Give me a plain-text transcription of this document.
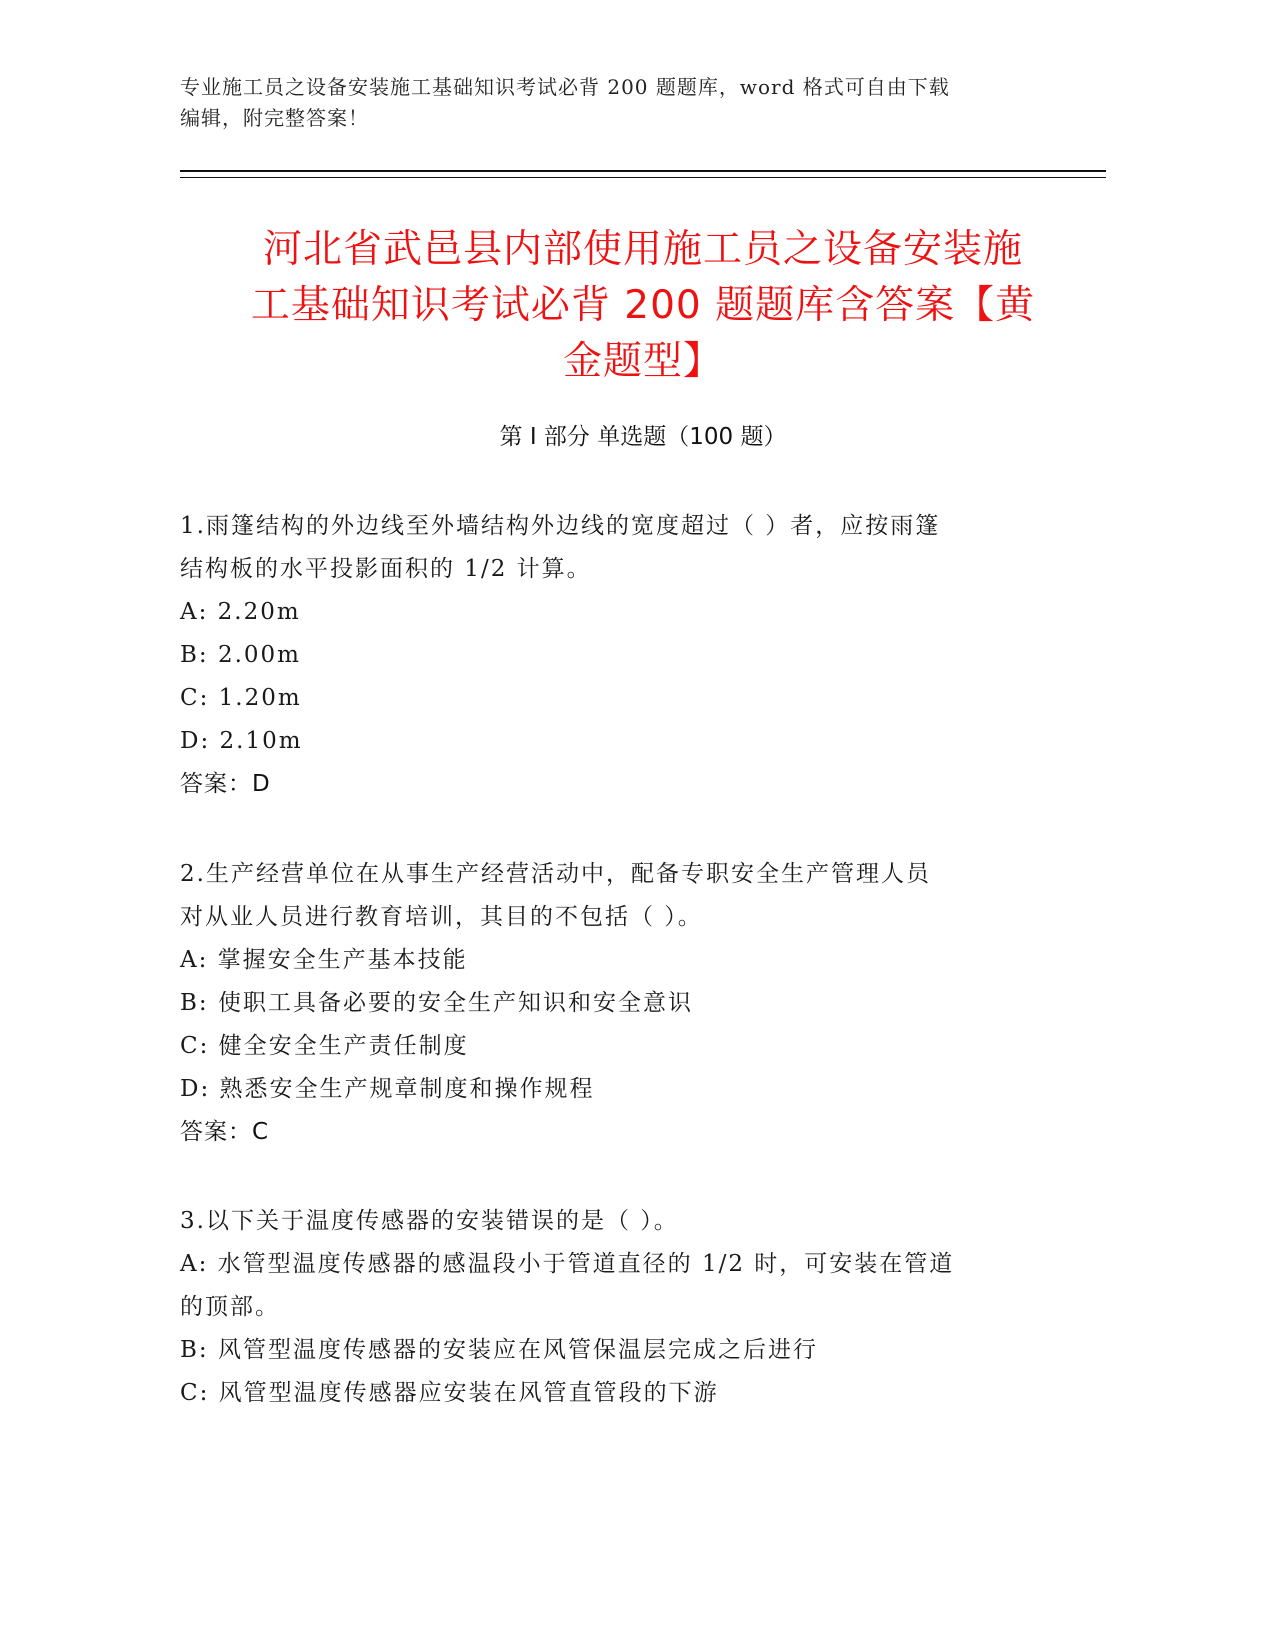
专业施工员之设备安装施工基础知识考试必背 200 题题库，word 格式可自由下载
编辑，附完整答案！
河北省武邑县内部使用施工员之设备安装施
工基础知识考试必背 200 题题库含答案【黄
金题型】
第 I 部分 单选题（100 题）
1.雨篷结构的外边线至外墙结构外边线的宽度超过（ ）者，应按雨篷
结构板的水平投影面积的 1/2 计算。
A: 2.20m
B: 2.00m
C: 1.20m
D: 2.10m
答案：D
2.生产经营单位在从事生产经营活动中，配备专职安全生产管理人员
对从业人员进行教育培训，其目的不包括（ ）。
A: 掌握安全生产基本技能
B: 使职工具备必要的安全生产知识和安全意识
C: 健全安全生产责任制度
D: 熟悉安全生产规章制度和操作规程
答案：C
3.以下关于温度传感器的安装错误的是（ ）。
A: 水管型温度传感器的感温段小于管道直径的 1/2 时，可安装在管道
的顶部。
B: 风管型温度传感器的安装应在风管保温层完成之后进行
C: 风管型温度传感器应安装在风管直管段的下游
